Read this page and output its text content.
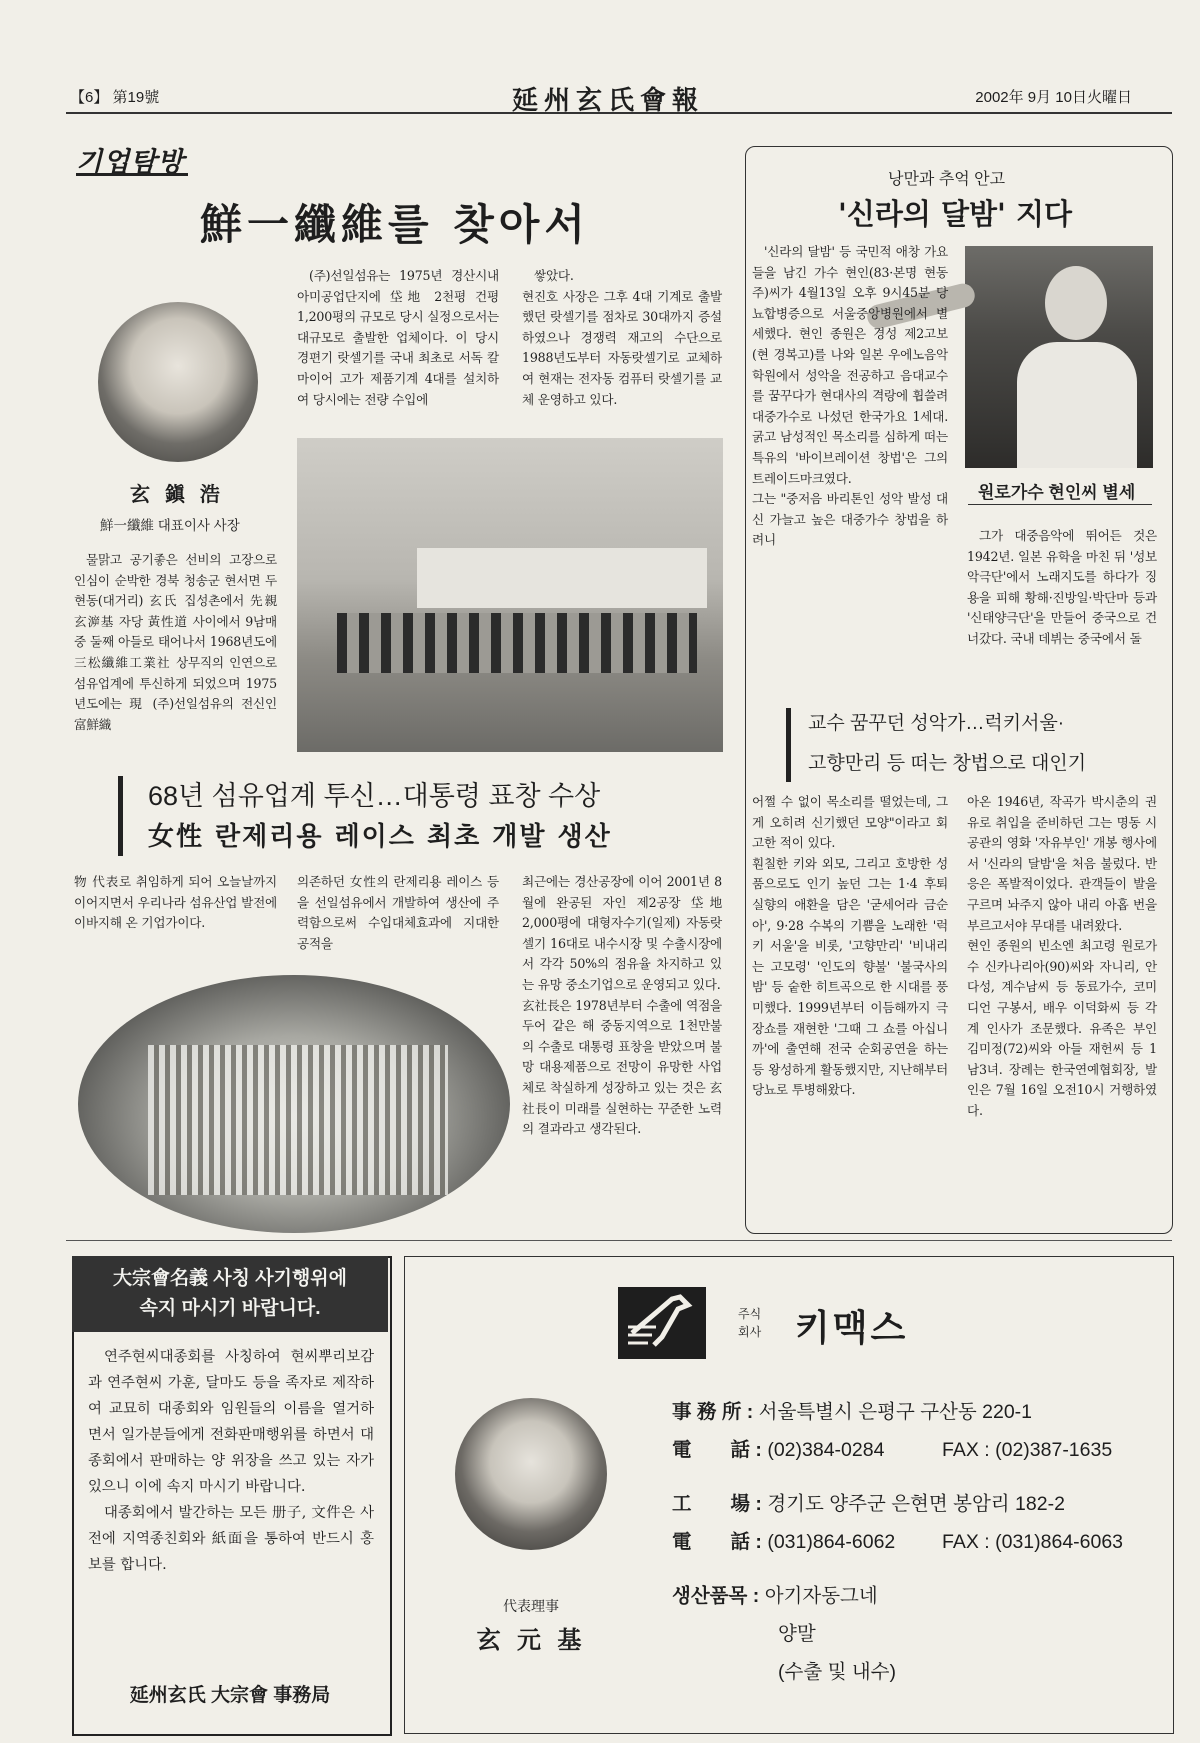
【6】 第19號	延州玄氏會報	2002年 9月 10日火曜日
기업탐방
鮮一纖維를 찾아서
玄 鎭 浩
鮮一纖維 대표이사 사장

물맑고 공기좋은 선비의 고장으로 인심이 순박한 경북 청송군 현서면 두현동(대거리) 玄氏 집성촌에서 先親 玄㴑基 자당 黃性道 사이에서 9남매중 둘째 아들로 태어나서 1968년도에 三松纖維工業社 상무직의 인연으로 섬유업계에 투신하게 되었으며 1975년도에는 現 (주)선일섬유의 전신인 富鮮織

(주)선일섬유는 1975년 경산시내 아미공업단지에 垈地 2천평 건평 1,200평의 규모로 당시 실정으로서는 대규모로 출발한 업체이다. 이 당시 경편기 랏셀기를 국내 최초로 서독 칼마이어 고가 제품기계 4대를 설치하여 당시에는 전량 수입에

쌓았다.
현진호 사장은 그후 4대 기계로 출발했던 랏셀기를 점차로 30대까지 증설하였으나 경쟁력 재고의 수단으로 1988년도부터 자동랏셀기로 교체하여 현재는 전자동 컴퓨터 랏셀기를 교체 운영하고 있다.

68년 섬유업계 투신…대통령 표창 수상
女性 란제리용 레이스 최초 개발 생산

物 代表로 취임하게 되어 오늘날까지 이어지면서 우리나라 섬유산업 발전에 이바지해 온 기업가이다.

의존하던 女性의 란제리용 레이스 등을 선일섬유에서 개발하여 생산에 주력함으로써 수입대체효과에 지대한 공적을

최근에는 경산공장에 이어 2001년 8월에 완공된 자인 제2공장 垈地 2,000평에 대형자수기(일제) 자동랏셀기 16대로 내수시장 및 수출시장에서 각각 50%의 점유율 차지하고 있는 유망 중소기업으로 운영되고 있다.
玄社長은 1978년부터 수출에 역점을 두어 같은 해 중동지역으로 1천만불의 수출로 대통령 표창을 받았으며 불망 대용제품으로 전망이 유망한 사업체로 착실하게 성장하고 있는 것은 玄社長이 미래를 실현하는 꾸준한 노력의 결과라고 생각된다.

낭만과 추억 안고
'신라의 달밤' 지다
원로가수 현인씨 별세

'신라의 달밤' 등 국민적 애창 가요들을 남긴 가수 현인(83·본명 현동주)씨가 4월13일 오후 9시45분 당뇨합병증으로 서울중앙병원에서 별세했다. 현인 종원은 경성 제2고보(현 경복고)를 나와 일본 우에노음악학원에서 성악을 전공하고 음대교수를 꿈꾸다가 현대사의 격랑에 휩쓸려 대중가수로 나섰던 한국가요 1세대. 굵고 남성적인 목소리를 심하게 떠는 특유의 '바이브레이션 창법'은 그의 트레이드마크였다.
그는 "중저음 바리톤인 성악 발성 대신 가늘고 높은 대중가수 창법을 하려니	그가 대중음악에 뛰어든 것은 1942년. 일본 유학을 마친 뒤 '성보악극단'에서 노래지도를 하다가 징용을 피해 황해·진방일·박단마 등과 '신태양극단'을 만들어 중국으로 건너갔다. 국내 데뷔는 중국에서 돌

교수 꿈꾸던 성악가…럭키서울·
고향만리 등 떠는 창법으로 대인기

어쩔 수 없이 목소리를 떨었는데, 그게 오히려 신기했던 모양"이라고 회고한 적이 있다.
훤칠한 키와 외모, 그리고 호방한 성품으로도 인기 높던 그는 1·4 후퇴 실향의 애환을 담은 '굳세어라 금순아', 9·28 수복의 기쁨을 노래한 '럭키 서울'을 비롯, '고향만리' '비내리는 고모령' '인도의 향불' '불국사의 밤' 등 숱한 히트곡으로 한 시대를 풍미했다. 1999년부터 이듬해까지 극장쇼를 재현한 '그때 그 쇼를 아십니까'에 출연해 전국 순회공연을 하는 등 왕성하게 활동했지만, 지난해부터 당뇨로 투병해왔다.

아온 1946년, 작곡가 박시춘의 권유로 취입을 준비하던 그는 명동 시공관의 영화 '자유부인' 개봉 행사에서 '신라의 달밤'을 처음 불렀다. 반응은 폭발적이었다. 관객들이 발을 구르며 놔주지 않아 내리 아홉 번을 부르고서야 무대를 내려왔다.
현인 종원의 빈소엔 최고령 원로가수 신카나리아(90)씨와 자니리, 안다성, 계수남씨 등 동료가수, 코미디언 구봉서, 배우 이덕화씨 등 각계 인사가 조문했다. 유족은 부인 김미정(72)씨와 아들 재헌씨 등 1남3녀. 장례는 한국연예협회장, 발인은 7월 16일 오전10시 거행하였다.

大宗會名義 사칭 사기행위에
속지 마시기 바랍니다.

연주현씨대종회를 사칭하여 현씨뿌리보감과 연주현씨 가훈, 달마도 등을 족자로 제작하여 교묘히 대종회와 임원들의 이름을 열거하면서 일가분들에게 전화판매행위를 하면서 대종회에서 판매하는 양 위장을 쓰고 있는 자가 있으니 이에 속지 마시기 바랍니다.

대종회에서 발간하는 모든 册子, 文件은 사전에 지역종친회와 紙面을 통하여 반드시 홍보를 합니다.

延州玄氏 大宗會 事務局
주식
회사 키맥스
代表理事
玄 元 基
事 務 所 : 서울특별시 은평구 구산동 220-1
電　　話 : (02)384-0284	FAX : (02)387-1635
工　　場 : 경기도 양주군 은현면 봉암리 182-2
電　　話 : (031)864-6062 FAX : (031)864-6063
생산품목 : 아기자동그네
양말
(수출 및 내수)
